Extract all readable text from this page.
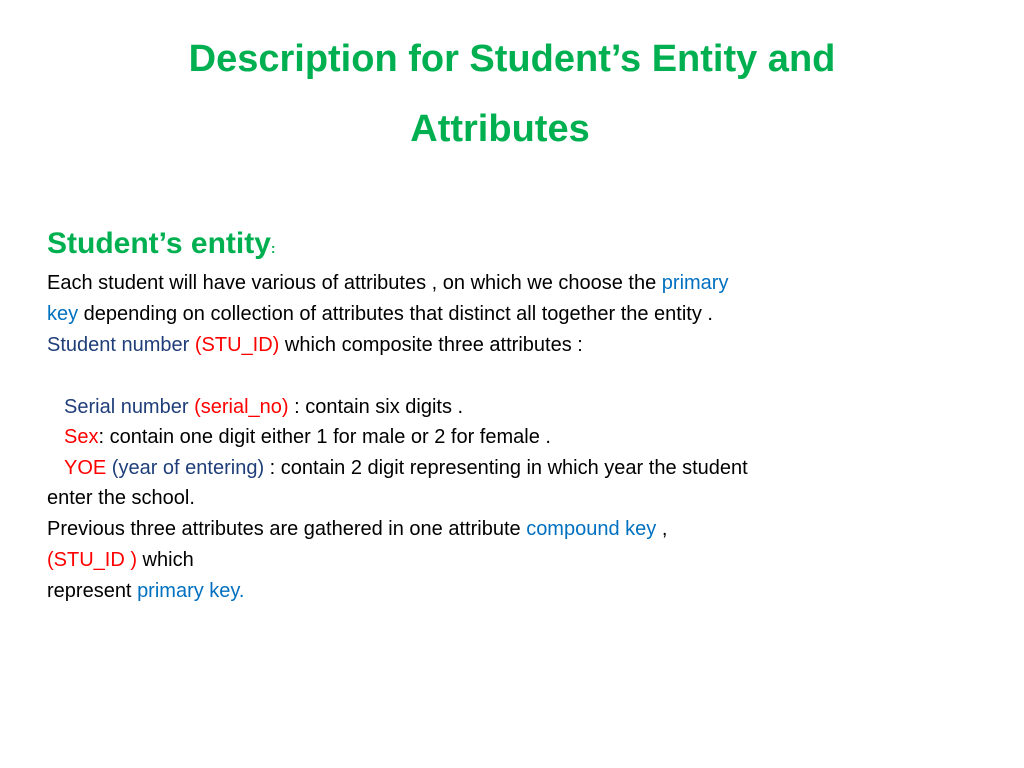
Description for Student’s Entity and
Attributes
Student’s entity:
Each student will have various of attributes , on which we choose the primary
key depending on collection of attributes that distinct all together the entity .
Student number (STU_ID) which composite three attributes :
Serial number (serial_no) : contain six digits .
Sex: contain one digit either 1 for male or 2 for female .
YOE (year of entering) : contain 2 digit representing in which year the student
enter the school.
Previous three attributes are gathered in one attribute compound key ,
(STU_ID ) which
represent primary key.
